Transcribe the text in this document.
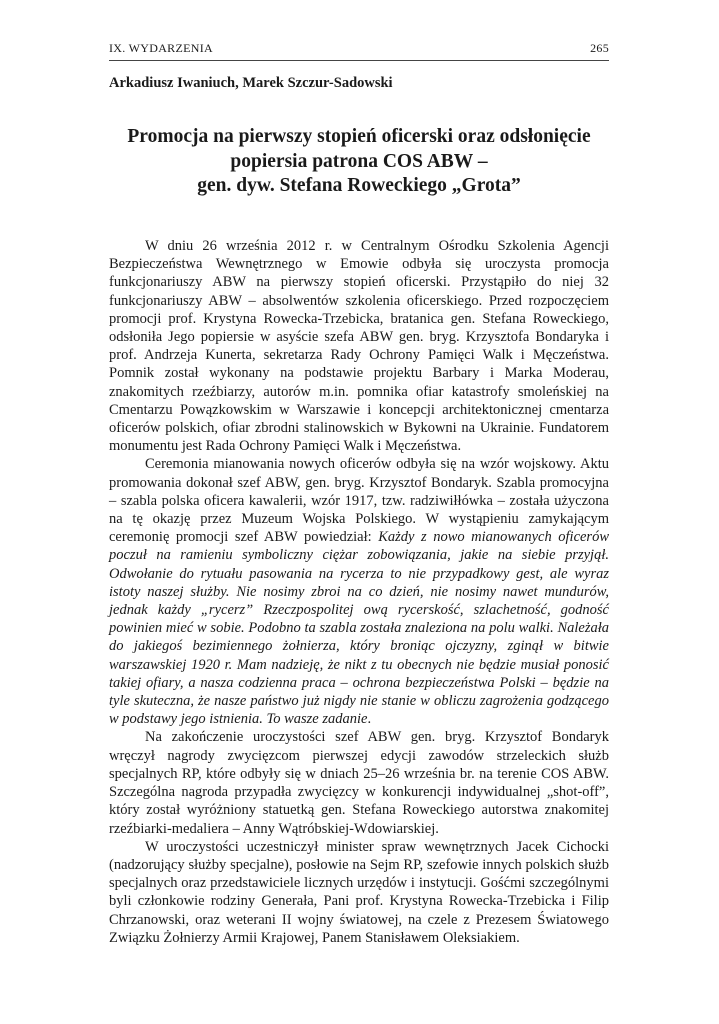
IX. WYDARZENIA	265
Arkadiusz Iwaniuch, Marek Szczur-Sadowski
Promocja na pierwszy stopień oficerski oraz odsłonięcie
popiersia patrona COS ABW –
gen. dyw. Stefana Roweckiego „Grota”

W dniu 26 września 2012 r. w Centralnym Ośrodku Szkolenia Agencji Bezpieczeństwa Wewnętrznego w Emowie odbyła się uroczysta promocja funkcjonariuszy ABW na pierwszy stopień oficerski. Przystąpiło do niej 32 funkcjonariuszy ABW – absolwentów szkolenia oficerskiego. Przed rozpoczęciem promocji prof. Krystyna Rowecka-Trzebicka, bratanica gen. Stefana Roweckiego, odsłoniła Jego popiersie w asyście szefa ABW gen. bryg. Krzysztofa Bondaryka i prof. Andrzeja Kunerta, sekretarza Rady Ochrony Pamięci Walk i Męczeństwa. Pomnik został wykonany na podstawie projektu Barbary i Marka Moderau, znakomitych rzeźbiarzy, autorów m.in. pomnika ofiar katastrofy smoleńskiej na Cmentarzu Powązkowskim w Warszawie i koncepcji architektonicznej cmentarza oficerów polskich, ofiar zbrodni stalinowskich w Bykowni na Ukrainie. Fundatorem monumentu jest Rada Ochrony Pamięci Walk i Męczeństwa.

Ceremonia mianowania nowych oficerów odbyła się na wzór wojskowy. Aktu promowania dokonał szef ABW, gen. bryg. Krzysztof Bondaryk. Szabla promocyjna – szabla polska oficera kawalerii, wzór 1917, tzw. radziwiłłówka – została użyczona na tę okazję przez Muzeum Wojska Polskiego. W wystąpieniu zamykającym ceremonię promocji szef ABW powiedział: Każdy z nowo mianowanych oficerów poczuł na ramieniu symboliczny ciężar zobowiązania, jakie na siebie przyjął. Odwołanie do rytuału pasowania na rycerza to nie przypadkowy gest, ale wyraz istoty naszej służby. Nie nosimy zbroi na co dzień, nie nosimy nawet mundurów, jednak każdy „rycerz” Rzeczpospolitej ową rycerskość, szlachetność, godność powinien mieć w sobie. Podobno ta szabla została znaleziona na polu walki. Należała do jakiegoś bezimiennego żołnierza, który broniąc ojczyzny, zginął w bitwie warszawskiej 1920 r. Mam nadzieję, że nikt z tu obecnych nie będzie musiał ponosić takiej ofiary, a nasza codzienna praca – ochrona bezpieczeństwa Polski – będzie na tyle skuteczna, że nasze państwo już nigdy nie stanie w obliczu zagrożenia godzącego w podstawy jego istnienia. To wasze zadanie.

Na zakończenie uroczystości szef ABW gen. bryg. Krzysztof Bondaryk wręczył nagrody zwycięzcom pierwszej edycji zawodów strzeleckich służb specjalnych RP, które odbyły się w dniach 25–26 września br. na terenie COS ABW. Szczególna nagroda przypadła zwycięzcy w konkurencji indywidualnej „shot-off”, który został wyróżniony statuetką gen. Stefana Roweckiego autorstwa znakomitej rzeźbiarki-medaliera – Anny Wątróbskiej-Wdowiarskiej.

W uroczystości uczestniczył minister spraw wewnętrznych Jacek Cichocki (nadzorujący służby specjalne), posłowie na Sejm RP, szefowie innych polskich służb specjalnych oraz przedstawiciele licznych urzędów i instytucji. Gośćmi szczególnymi byli członkowie rodziny Generała, Pani prof. Krystyna Rowecka-Trzebicka i Filip Chrzanowski, oraz weterani II wojny światowej, na czele z Prezesem Światowego Związku Żołnierzy Armii Krajowej, Panem Stanisławem Oleksiakiem.
